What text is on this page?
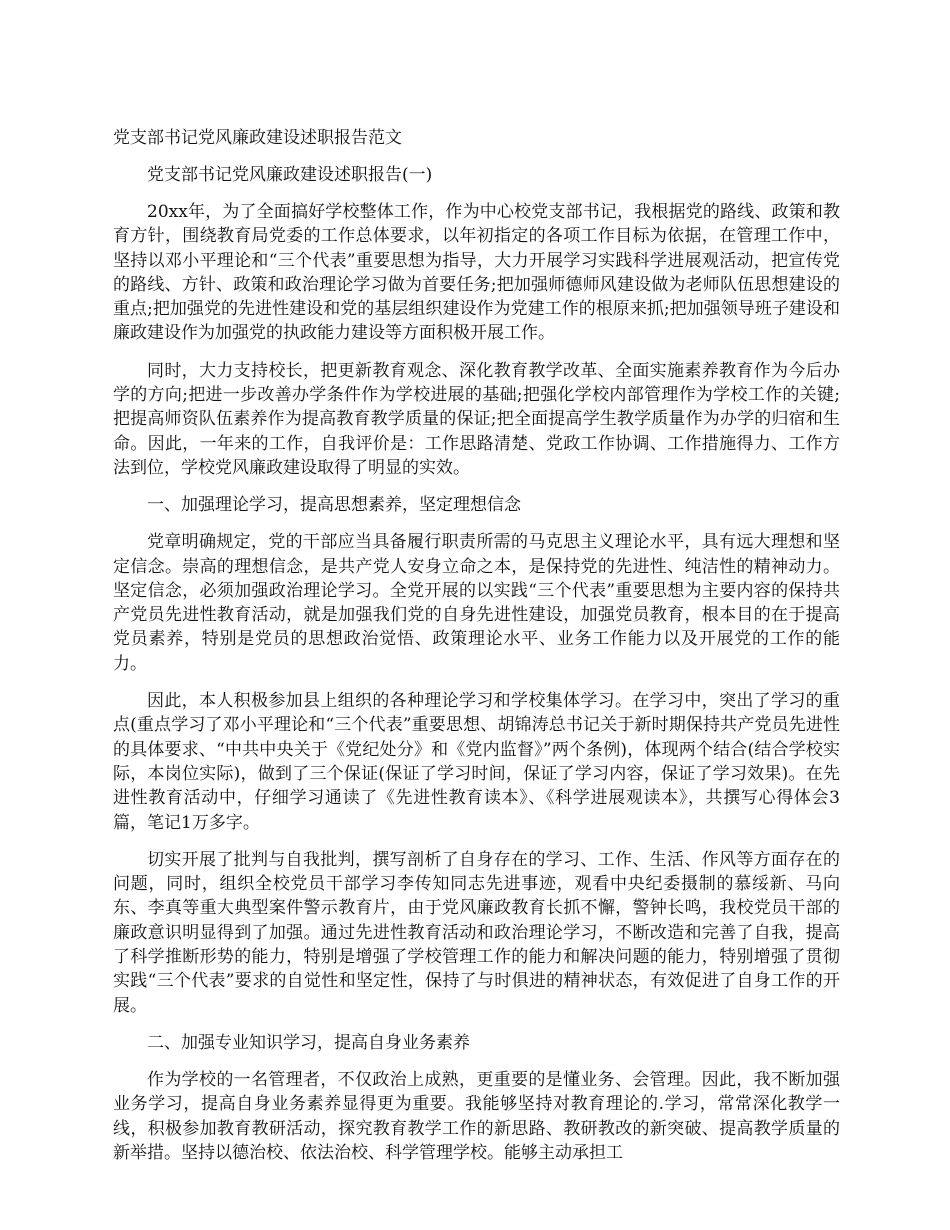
党支部书记党风廉政建设述职报告范文
党支部书记党风廉政建设述职报告(一)

20xx年，为了全面搞好学校整体工作，作为中心校党支部书记，我根据党的路线、政策和教育方针，围绕教育局党委的工作总体要求，以年初指定的各项工作目标为依据，在管理工作中，坚持以邓小平理论和“三个代表”重要思想为指导，大力开展学习实践科学进展观活动，把宣传党的路线、方针、政策和政治理论学习做为首要任务;把加强师德师风建设做为老师队伍思想建设的重点;把加强党的先进性建设和党的基层组织建设作为党建工作的根原来抓;把加强领导班子建设和廉政建设作为加强党的执政能力建设等方面积极开展工作。

同时，大力支持校长，把更新教育观念、深化教育教学改革、全面实施素养教育作为今后办学的方向;把进一步改善办学条件作为学校进展的基础;把强化学校内部管理作为学校工作的关键;把提高师资队伍素养作为提高教育教学质量的保证;把全面提高学生教学质量作为办学的归宿和生命。因此，一年来的工作，自我评价是：工作思路清楚、党政工作协调、工作措施得力、工作方法到位，学校党风廉政建设取得了明显的实效。

一、加强理论学习，提高思想素养，坚定理想信念

党章明确规定，党的干部应当具备履行职责所需的马克思主义理论水平，具有远大理想和坚定信念。崇高的理想信念，是共产党人安身立命之本，是保持党的先进性、纯洁性的精神动力。坚定信念，必须加强政治理论学习。全党开展的以实践“三个代表”重要思想为主要内容的保持共产党员先进性教育活动，就是加强我们党的自身先进性建设，加强党员教育，根本目的在于提高党员素养，特别是党员的思想政治觉悟、政策理论水平、业务工作能力以及开展党的工作的能力。

因此，本人积极参加县上组织的各种理论学习和学校集体学习。在学习中，突出了学习的重点(重点学习了邓小平理论和“三个代表”重要思想、胡锦涛总书记关于新时期保持共产党员先进性的具体要求、“中共中央关于《党纪处分》和《党内监督》”两个条例)，体现两个结合(结合学校实际，本岗位实际)，做到了三个保证(保证了学习时间，保证了学习内容，保证了学习效果)。在先进性教育活动中，仔细学习通读了《先进性教育读本》、《科学进展观读本》，共撰写心得体会3篇，笔记1万多字。

切实开展了批判与自我批判，撰写剖析了自身存在的学习、工作、生活、作风等方面存在的问题，同时，组织全校党员干部学习李传知同志先进事迹，观看中央纪委摄制的慕绥新、马向东、李真等重大典型案件警示教育片，由于党风廉政教育长抓不懈，警钟长鸣，我校党员干部的廉政意识明显得到了加强。通过先进性教育活动和政治理论学习，不断改造和完善了自我，提高了科学推断形势的能力，特别是增强了学校管理工作的能力和解决问题的能力，特别增强了贯彻实践“三个代表”要求的自觉性和坚定性，保持了与时俱进的精神状态，有效促进了自身工作的开展。

二、加强专业知识学习，提高自身业务素养

作为学校的一名管理者，不仅政治上成熟，更重要的是懂业务、会管理。因此，我不断加强业务学习，提高自身业务素养显得更为重要。我能够坚持对教育理论的.学习，常常深化教学一线，积极参加教育教研活动，探究教育教学工作的新思路、教研教改的新突破、提高教学质量的新举措。坚持以德治校、依法治校、科学管理学校。能够主动承担工
